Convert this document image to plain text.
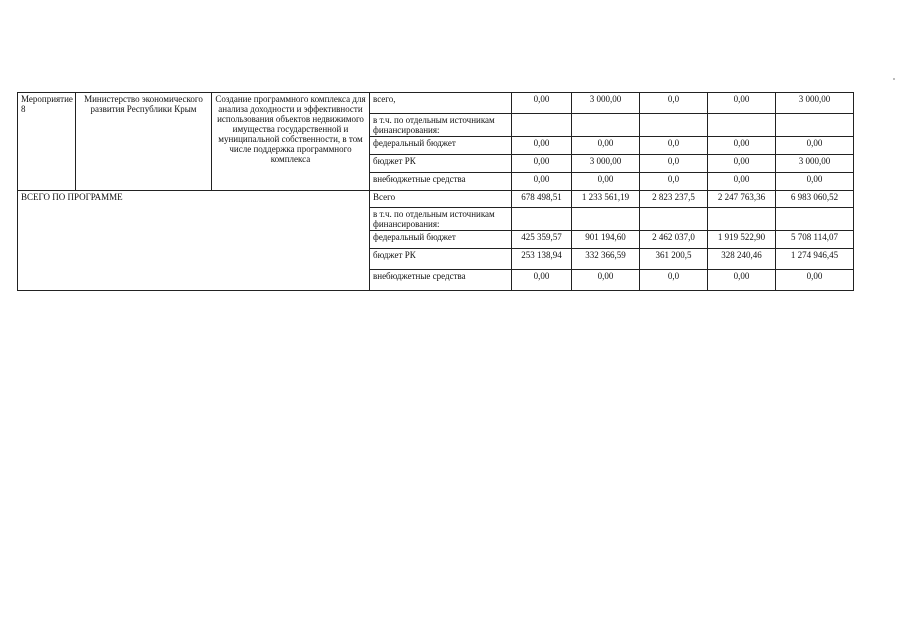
Мероприятие 8	Министерство экономического развития Республики Крым	Создание программного комплекса для анализа доходности и эффективности использования объектов недвижимого имущества государственной и муниципальной собственности, в том числе поддержка программного комплекса	всего,	0,00	3 000,00	0,0	0,00	3 000,00
			в т.ч. по отдельным источникам финансирования:					
			федеральный бюджет	0,00	0,00	0,0	0,00	0,00
			бюджет РК	0,00	3 000,00	0,0	0,00	3 000,00
			внебюджетные средства	0,00	0,00	0,0	0,00	0,00
ВСЕГО ПО ПРОГРАММЕ			Всего	678 498,51	1 233 561,19	2 823 237,5	2 247 763,36	6 983 060,52
			в т.ч. по отдельным источникам финансирования:					
			федеральный бюджет	425 359,57	901 194,60	2 462 037,0	1 919 522,90	5 708 114,07
			бюджет РК	253 138,94	332 366,59	361 200,5	328 240,46	1 274 946,45
			внебюджетные средства	0,00	0,00	0,0	0,00	0,00
